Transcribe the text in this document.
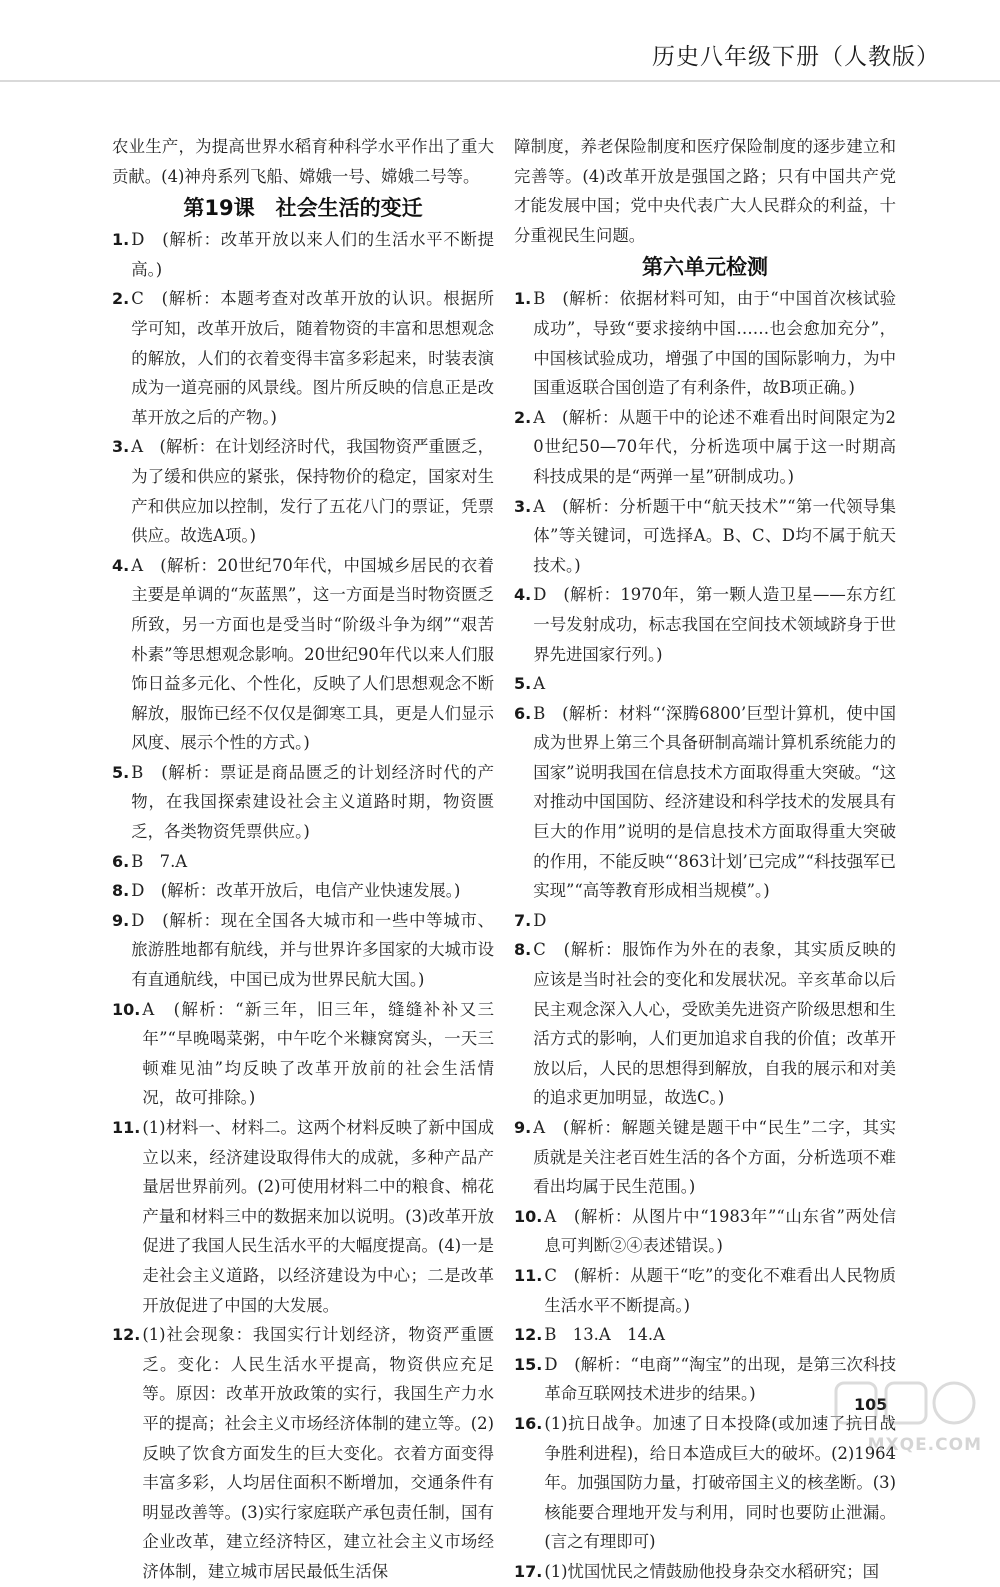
历史八年级下册（人教版）

农业生产，为提高世界水稻育种科学水平作出了重大贡献。(4)神舟系列飞船、嫦娥一号、嫦娥二号等。

第19课　社会生活的变迁
1. D　(解析：改革开放以来人们的生活水平不断提高。)
2. C　(解析：本题考查对改革开放的认识。根据所学可知，改革开放后，随着物资的丰富和思想观念的解放，人们的衣着变得丰富多彩起来，时装表演成为一道亮丽的风景线。图片所反映的信息正是改革开放之后的产物。)
3. A　(解析：在计划经济时代，我国物资严重匮乏，为了缓和供应的紧张，保持物价的稳定，国家对生产和供应加以控制，发行了五花八门的票证，凭票供应。故选A项。)
4. A　(解析：20世纪70年代，中国城乡居民的衣着主要是单调的“灰蓝黑”，这一方面是当时物资匮乏所致，另一方面也是受当时“阶级斗争为纲”“艰苦朴素”等思想观念影响。20世纪90年代以来人们服饰日益多元化、个性化，反映了人们思想观念不断解放，服饰已经不仅仅是御寒工具，更是人们显示风度、展示个性的方式。)
5. B　(解析：票证是商品匮乏的计划经济时代的产物，在我国探索建设社会主义道路时期，物资匮乏，各类物资凭票供应。)
6. B　7.A
8. D　(解析：改革开放后，电信产业快速发展。)
9. D　(解析：现在全国各大城市和一些中等城市、旅游胜地都有航线，并与世界许多国家的大城市设有直通航线，中国已成为世界民航大国。)
10. A　(解析：“新三年，旧三年，缝缝补补又三年”“早晚喝菜粥，中午吃个米糠窝窝头，一天三顿难见油”均反映了改革开放前的社会生活情况，故可排除。)
11. (1)材料一、材料二。这两个材料反映了新中国成立以来，经济建设取得伟大的成就，多种产品产量居世界前列。(2)可使用材料二中的粮食、棉花产量和材料三中的数据来加以说明。(3)改革开放促进了我国人民生活水平的大幅度提高。(4)一是走社会主义道路，以经济建设为中心；二是改革开放促进了中国的大发展。
12. (1)社会现象：我国实行计划经济，物资严重匮乏。变化：人民生活水平提高，物资供应充足等。原因：改革开放政策的实行，我国生产力水平的提高；社会主义市场经济体制的建立等。(2)反映了饮食方面发生的巨大变化。衣着方面变得丰富多彩，人均居住面积不断增加，交通条件有明显改善等。(3)实行家庭联产承包责任制，国有企业改革，建立经济特区，建立社会主义市场经济体制，建立城市居民最低生活保

障制度，养老保险制度和医疗保险制度的逐步建立和完善等。(4)改革开放是强国之路；只有中国共产党才能发展中国；党中央代表广大人民群众的利益，十分重视民生问题。

第六单元检测
1. B　(解析：依据材料可知，由于“中国首次核试验成功”，导致“要求接纳中国……也会愈加充分”，中国核试验成功，增强了中国的国际影响力，为中国重返联合国创造了有利条件，故B项正确。)
2. A　(解析：从题干中的论述不难看出时间限定为20世纪50—70年代，分析选项中属于这一时期高科技成果的是“两弹一星”研制成功。)
3. A　(解析：分析题干中“航天技术”“第一代领导集体”等关键词，可选择A。B、C、D均不属于航天技术。)
4. D　(解析：1970年，第一颗人造卫星——东方红一号发射成功，标志我国在空间技术领域跻身于世界先进国家行列。)
5. A
6. B　(解析：材料“‘深腾6800’巨型计算机，使中国成为世界上第三个具备研制高端计算机系统能力的国家”说明我国在信息技术方面取得重大突破。“这对推动中国国防、经济建设和科学技术的发展具有巨大的作用”说明的是信息技术方面取得重大突破的作用，不能反映“‘863计划’已完成”“科技强军已实现”“高等教育形成相当规模”。)
7. D
8. C　(解析：服饰作为外在的表象，其实质反映的应该是当时社会的变化和发展状况。辛亥革命以后民主观念深入人心，受欧美先进资产阶级思想和生活方式的影响，人们更加追求自我的价值；改革开放以后，人民的思想得到解放，自我的展示和对美的追求更加明显，故选C。)
9. A　(解析：解题关键是题干中“民生”二字，其实质就是关注老百姓生活的各个方面，分析选项不难看出均属于民生范围。)
10. A　(解析：从图片中“1983年”“山东省”两处信息可判断②④表述错误。)
11. C　(解析：从题干“吃”的变化不难看出人民物质生活水平不断提高。)
12. B　13.A　14.A
15. D　(解析：“电商”“淘宝”的出现，是第三次科技革命互联网技术进步的结果。)
16. (1)抗日战争。加速了日本投降(或加速了抗日战争胜利进程)，给日本造成巨大的破坏。(2)1964年。加强国防力量，打破帝国主义的核垄断。(3)核能要合理地开发与利用，同时也要防止泄漏。(言之有理即可)
17. (1)忧国忧民之情鼓励他投身杂交水稻研究；国
105
MXQE.COM
